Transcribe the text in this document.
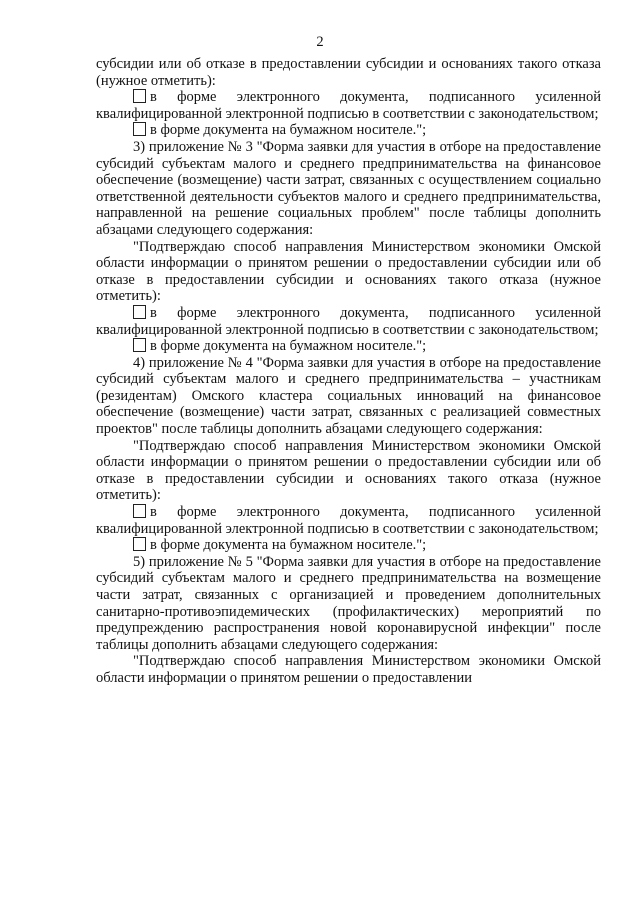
2

субсидии или об отказе в предоставлении субсидии и основаниях такого отказа (нужное отметить):

в форме электронного документа, подписанного усиленной квалифицированной электронной подписью в соответствии с законодательством;

в форме документа на бумажном носителе.";

3) приложение № 3 "Форма заявки для участия в отборе на предоставление субсидий субъектам малого и среднего предпринимательства на финансовое обеспечение (возмещение) части затрат, связанных с осуществлением социально ответственной деятельности субъектов малого и среднего предпринимательства, направленной на решение социальных проблем" после таблицы дополнить абзацами следующего содержания:

"Подтверждаю способ направления Министерством экономики Омской области информации о принятом решении о предоставлении субсидии или об отказе в предоставлении субсидии и основаниях такого отказа (нужное отметить):

в форме электронного документа, подписанного усиленной квалифицированной электронной подписью в соответствии с законодательством;

в форме документа на бумажном носителе.";

4) приложение № 4 "Форма заявки для участия в отборе на предоставление субсидий субъектам малого и среднего предпринимательства – участникам (резидентам) Омского кластера социальных инноваций на финансовое обеспечение (возмещение) части затрат, связанных с реализацией совместных проектов" после таблицы дополнить абзацами следующего содержания:

"Подтверждаю способ направления Министерством экономики Омской области информации о принятом решении о предоставлении субсидии или об отказе в предоставлении субсидии и основаниях такого отказа (нужное отметить):

в форме электронного документа, подписанного усиленной квалифицированной электронной подписью в соответствии с законодательством;

в форме документа на бумажном носителе.";

5) приложение № 5 "Форма заявки для участия в отборе на предоставление субсидий субъектам малого и среднего предпринимательства на возмещение части затрат, связанных с организацией и проведением дополнительных санитарно-противоэпидемических (профилактических) мероприятий по предупреждению распространения новой коронавирусной инфекции" после таблицы дополнить абзацами следующего содержания:

"Подтверждаю способ направления Министерством экономики Омской области информации о принятом решении о предоставлении
